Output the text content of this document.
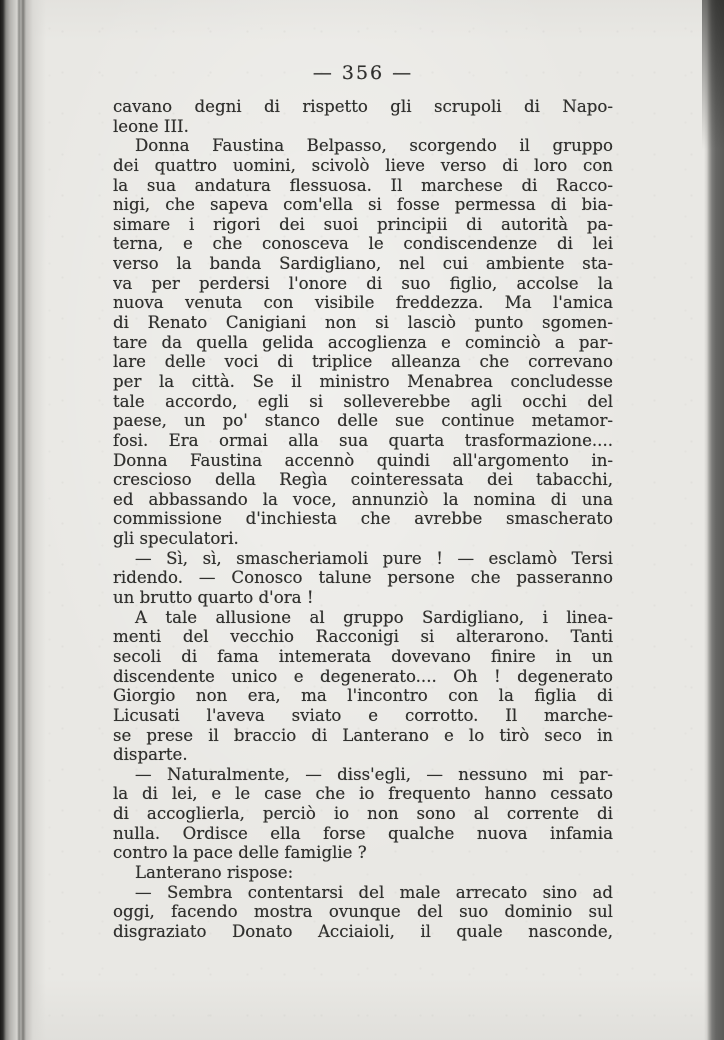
— 356 —
cavano degni di rispetto gli scrupoli di Napo-
leone III.
Donna Faustina Belpasso, scorgendo il gruppo
dei quattro uomini, scivolò lieve verso di loro con
la sua andatura flessuosa. Il marchese di Racco-
nigi, che sapeva com'ella si fosse permessa di bia-
simare i rigori dei suoi principii di autorità pa-
terna, e che conosceva le condiscendenze di lei
verso la banda Sardigliano, nel cui ambiente sta-
va per perdersi l'onore di suo figlio, accolse la
nuova venuta con visibile freddezza. Ma l'amica
di Renato Canigiani non si lasciò punto sgomen-
tare da quella gelida accoglienza e cominciò a par-
lare delle voci di triplice alleanza che correvano
per la città. Se il ministro Menabrea concludesse
tale accordo, egli si solleverebbe agli occhi del
paese, un po' stanco delle sue continue metamor-
fosi. Era ormai alla sua quarta trasformazione....
Donna Faustina accennò quindi all'argomento in-
crescioso della Regìa cointeressata dei tabacchi,
ed abbassando la voce, annunziò la nomina di una
commissione d'inchiesta che avrebbe smascherato
gli speculatori.
— Sì, sì, smascheriamoli pure ! — esclamò Tersi
ridendo. — Conosco talune persone che passeranno
un brutto quarto d'ora !
A tale allusione al gruppo Sardigliano, i linea-
menti del vecchio Racconigi si alterarono. Tanti
secoli di fama intemerata dovevano finire in un
discendente unico e degenerato.... Oh ! degenerato
Giorgio non era, ma l'incontro con la figlia di
Licusati l'aveva sviato e corrotto. Il marche-
se prese il braccio di Lanterano e lo tirò seco in
disparte.
— Naturalmente, — diss'egli, — nessuno mi par-
la di lei, e le case che io frequento hanno cessato
di accoglierla, perciò io non sono al corrente di
nulla. Ordisce ella forse qualche nuova infamia
contro la pace delle famiglie ?
Lanterano rispose:
— Sembra contentarsi del male arrecato sino ad
oggi, facendo mostra ovunque del suo dominio sul
disgraziato Donato Acciaioli, il quale nasconde,
